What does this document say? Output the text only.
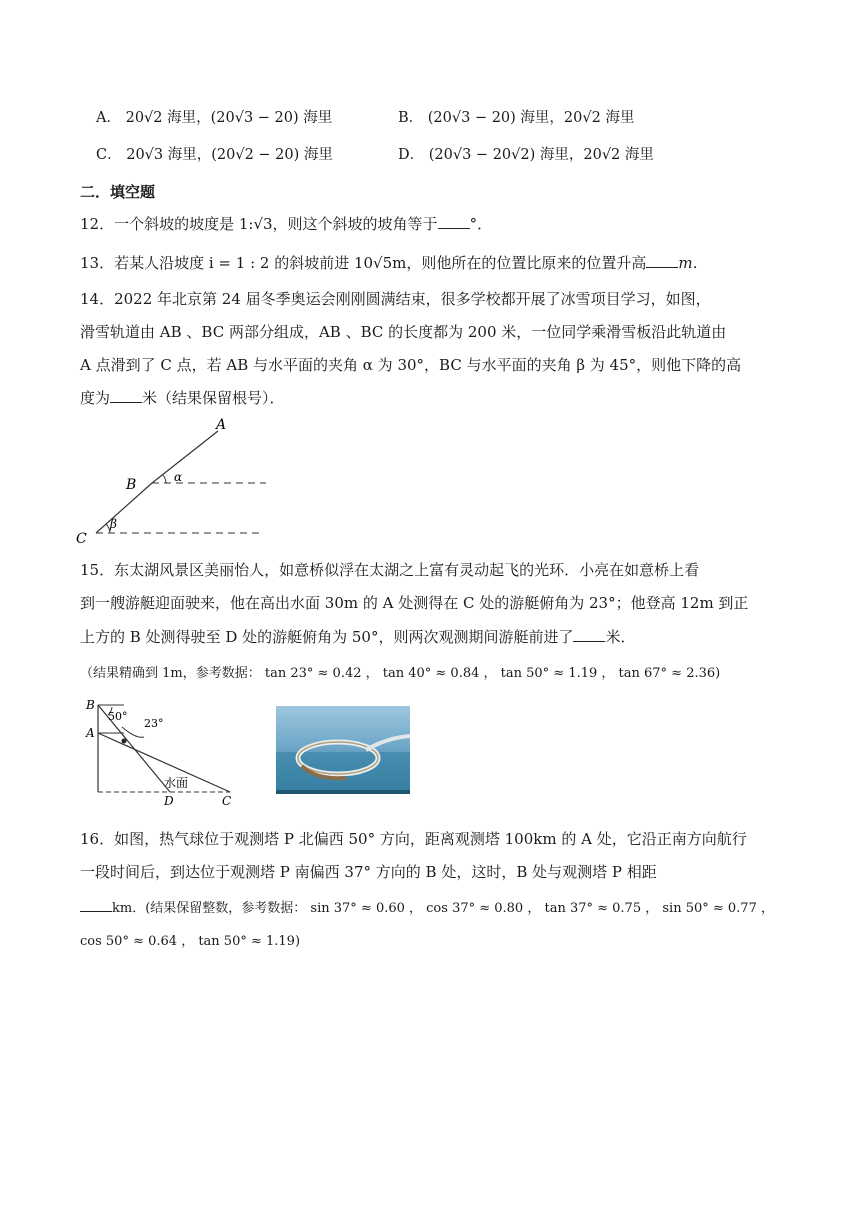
A． 20√2 海里，(20√3 − 20) 海里	B． (20√3 − 20) 海里，20√2 海里
C． 20√3 海里，(20√2 − 20) 海里	D． (20√3 − 20√2) 海里，20√2 海里
二．填空题
12．一个斜坡的坡度是 1:√3，则这个斜坡的坡角等于 °．
13．若某人沿坡度 i = 1 : 2 的斜坡前进 10√5m，则他所在的位置比原来的位置升高 m．
14．2022 年北京第 24 届冬季奥运会刚刚圆满结束，很多学校都开展了冰雪项目学习，如图，
滑雪轨道由 AB 、BC 两部分组成，AB 、BC 的长度都为 200 米，一位同学乘滑雪板沿此轨道由
A 点滑到了 C 点，若 AB 与水平面的夹角 α 为 30°，BC 与水平面的夹角 β 为 45°，则他下降的高
度为 米（结果保留根号）．
A
B
C
α
β
15．东太湖风景区美丽怡人，如意桥似浮在太湖之上富有灵动起飞的光环．小亮在如意桥上看
到一艘游艇迎面驶来，他在高出水面 30m 的 A 处测得在 C 处的游艇俯角为 23°；他登高 12m 到正
上方的 B 处测得驶至 D 处的游艇俯角为 50°，则两次观测期间游艇前进了 米．
（结果精确到 1m，参考数据： tan 23° ≈ 0.42 ， tan 40° ≈ 0.84 ， tan 50° ≈ 1.19 ， tan 67° ≈ 2.36)
B
A
50°
23°
水面
D	C
16．如图，热气球位于观测塔 P 北偏西 50° 方向，距离观测塔 100km 的 A 处，它沿正南方向航行
一段时间后，到达位于观测塔 P 南偏西 37° 方向的 B 处，这时，B 处与观测塔 P 相距
km．(结果保留整数，参考数据： sin 37° ≈ 0.60 ， cos 37° ≈ 0.80 ， tan 37° ≈ 0.75 ， sin 50° ≈ 0.77 ，
cos 50° ≈ 0.64 ， tan 50° ≈ 1.19)
